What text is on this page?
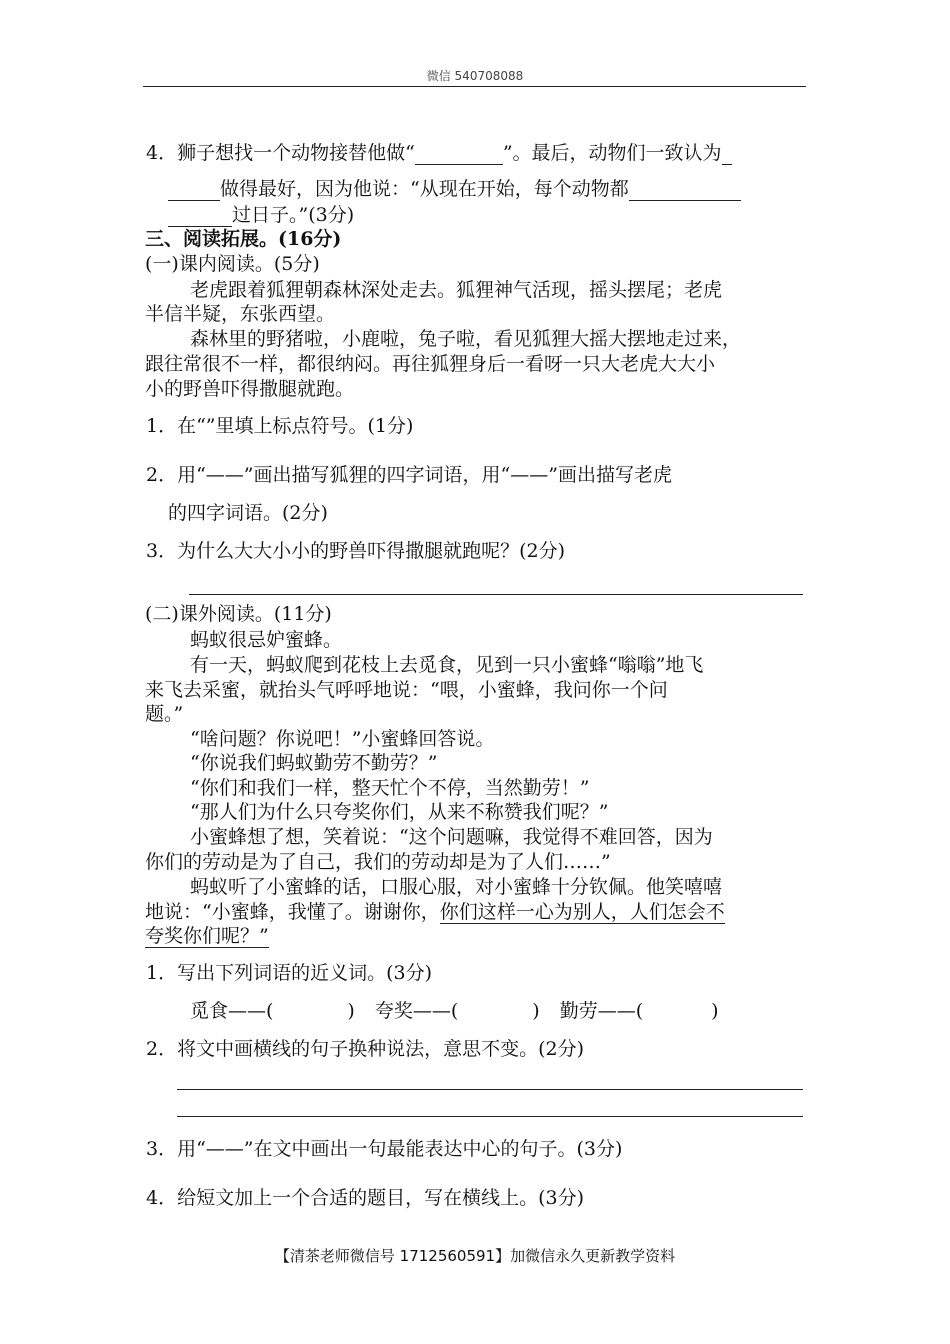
微信 540708088
4．狮子想找一个动物接替他做“	”。最后，动物们一致认为
做得最好，因为他说：“从现在开始，每个动物都
过日子。”(3分)
三、阅读拓展。(16分)
(一)课内阅读。(5分)
老虎跟着狐狸朝森林深处走去。狐狸神气活现，摇头摆尾；老虎
半信半疑，东张西望。
森林里的野猪啦，小鹿啦，兔子啦，看见狐狸大摇大摆地走过来，
跟往常很不一样，都很纳闷。再往狐狸身后一看呀一只大老虎大大小
小的野兽吓得撒腿就跑。
1．在“”里填上标点符号。(1分)
2．用“——”画出描写狐狸的四字词语，用“——”画出描写老虎
的四字词语。(2分)
3．为什么大大小小的野兽吓得撒腿就跑呢？(2分)
(二)课外阅读。(11分)
蚂蚁很忌妒蜜蜂。
有一天，蚂蚁爬到花枝上去觅食，见到一只小蜜蜂“嗡嗡”地飞
来飞去采蜜，就抬头气呼呼地说：“喂，小蜜蜂，我问你一个问
题。”
“啥问题？你说吧！”小蜜蜂回答说。
“你说我们蚂蚁勤劳不勤劳？”
“你们和我们一样，整天忙个不停，当然勤劳！”
“那人们为什么只夸奖你们，从来不称赞我们呢？”
小蜜蜂想了想，笑着说：“这个问题嘛，我觉得不难回答，因为
你们的劳动是为了自己，我们的劳动却是为了人们……”
蚂蚁听了小蜜蜂的话，口服心服，对小蜜蜂十分钦佩。他笑嘻嘻
地说：“小蜜蜂，我懂了。谢谢你，你们这样一心为别人，人们怎会不
夸奖你们呢？”
1．写出下列词语的近义词。(3分)
觅食——(	) 夸奖——(	) 勤劳——(	)
2．将文中画横线的句子换种说法，意思不变。(2分)
3．用“——”在文中画出一句最能表达中心的句子。(3分)
4．给短文加上一个合适的题目，写在横线上。(3分)
【清茶老师微信号 1712560591】加微信永久更新教学资料
